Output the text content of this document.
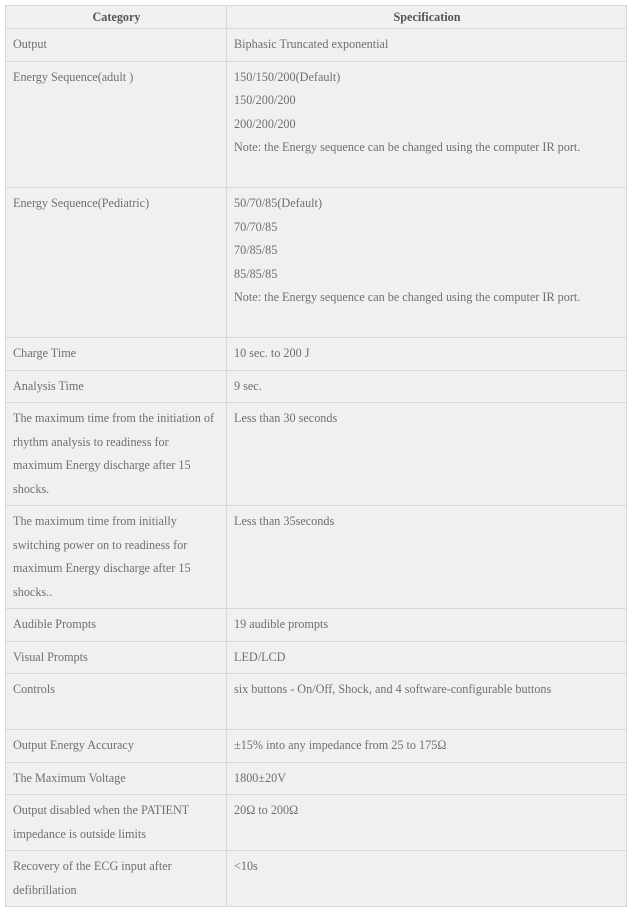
Category	Specification
Output	Biphasic Truncated exponential

Energy Sequence(adult )	150/150/200(Default)
150/200/200
200/200/200
Note: the Energy sequence can be changed using the computer IR port.

Energy Sequence(Pediatric)	50/70/85(Default)
70/70/85
70/85/85
85/85/85
Note: the Energy sequence can be changed using the computer IR port.

Charge Time	10 sec. to 200 J

Analysis Time	9 sec.

The maximum time from the initiation of rhythm analysis to readiness for maximum Energy discharge after 15 shocks.	Less than 30 seconds

The maximum time from initially switching power on to readiness for maximum Energy discharge after 15 shocks..	Less than 35seconds

Audible Prompts	19 audible prompts

Visual Prompts	LED/LCD

Controls	six buttons - On/Off, Shock, and 4 software-configurable buttons

Output Energy Accuracy	±15% into any impedance from 25 to 175Ω

The Maximum Voltage	1800±20V

Output disabled when the PATIENT impedance is outside limits	20Ω to 200Ω

Recovery of the ECG input after defibrillation	<10s
